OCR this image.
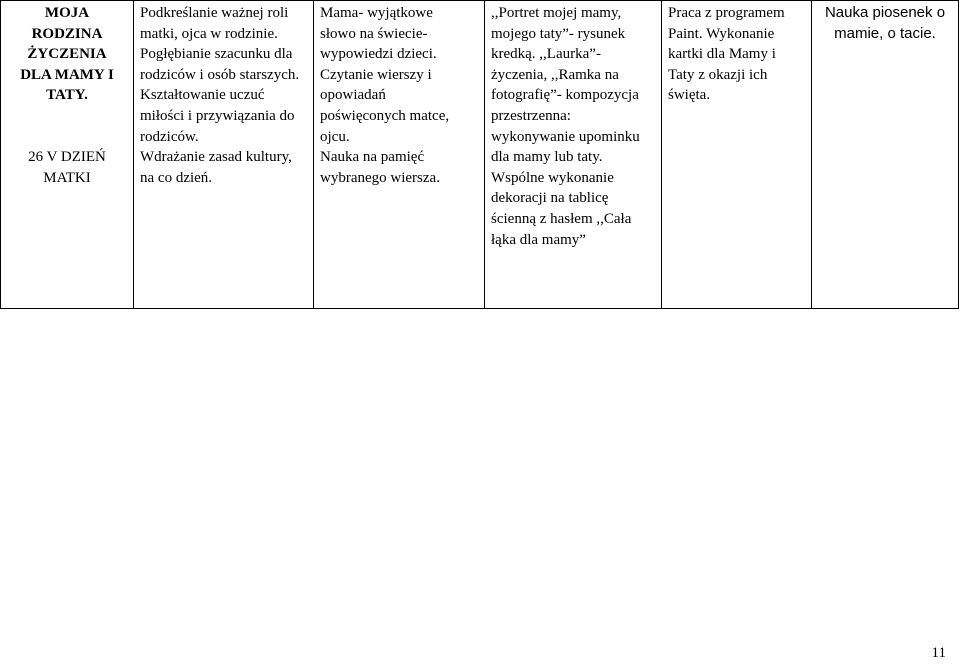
MOJA
RODZINA
ŻYCZENIA
DLA MAMY I
TATY.
26 V DZIEŃ
MATKI

Podkreślanie ważnej roli
matki, ojca w rodzinie.
Pogłębianie szacunku dla
rodziców i osób starszych.
Kształtowanie uczuć
miłości i przywiązania do
rodziców.
Wdrażanie zasad kultury,
na co dzień.

Mama- wyjątkowe
słowo na świecie-
wypowiedzi dzieci.
Czytanie wierszy i
opowiadań
poświęconych matce,
ojcu.
Nauka na pamięć
wybranego wiersza.

,,Portret mojej mamy,
mojego taty”- rysunek
kredką. ,,Laurka”-
życzenia, ,,Ramka na
fotografię”- kompozycja
przestrzenna:
wykonywanie upominku
dla mamy lub taty.
Wspólne wykonanie
dekoracji na tablicę
ścienną z hasłem ,,Cała
łąka dla mamy”

Praca z programem
Paint. Wykonanie
kartki dla Mamy i
Taty z okazji ich
święta.

Nauka piosenek o
mamie, o tacie.
11
